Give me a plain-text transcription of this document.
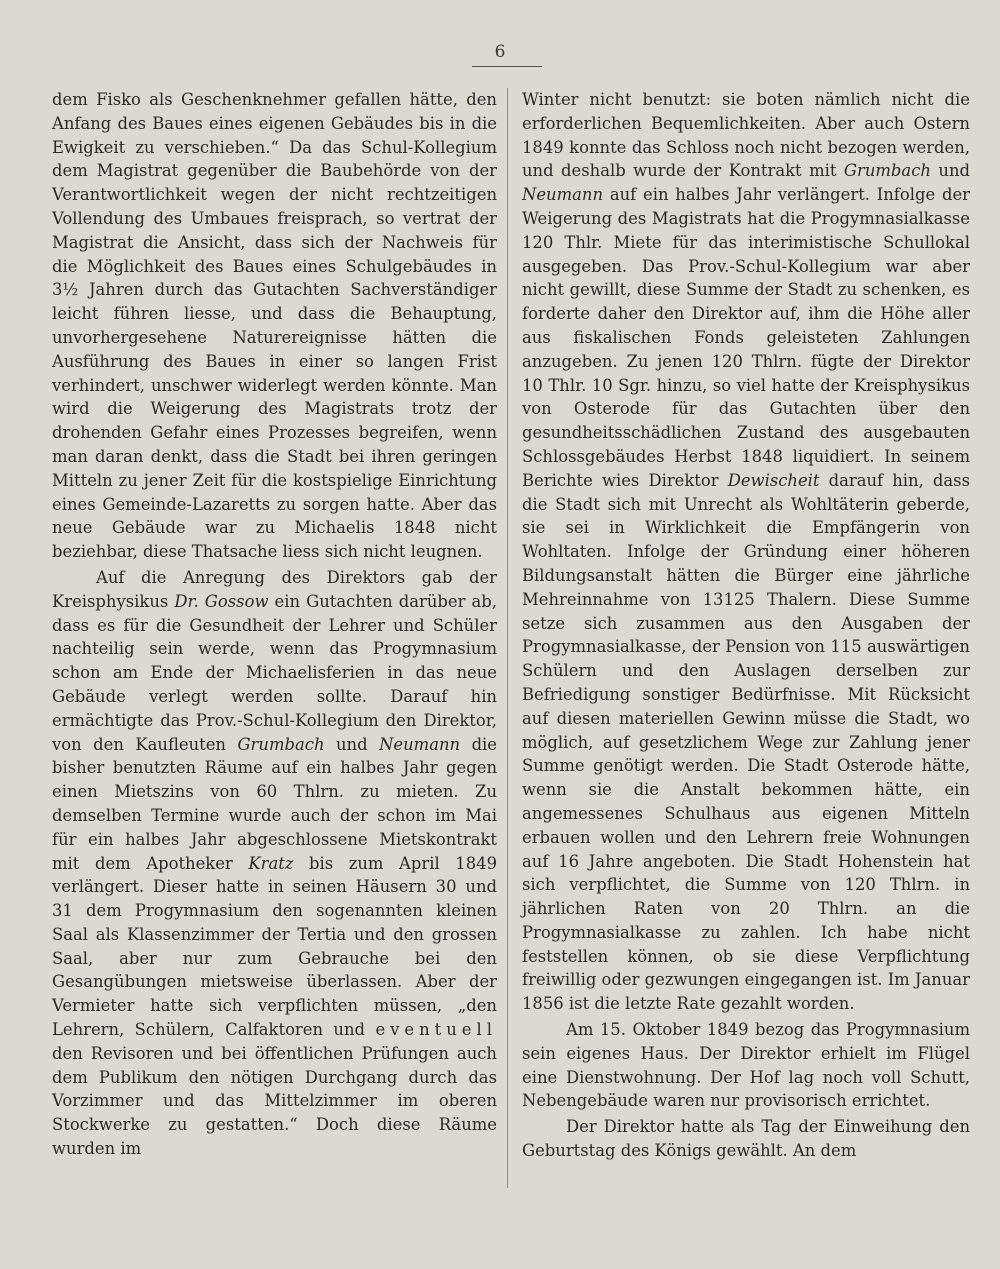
6

dem Fisko als Geschenknehmer gefallen hätte, den Anfang des Baues eines eigenen Gebäudes bis in die Ewigkeit zu verschieben.“ Da das Schul-Kollegium dem Magistrat gegenüber die Baubehörde von der Verantwortlichkeit wegen der nicht rechtzeitigen Vollendung des Umbaues freisprach, so vertrat der Magistrat die Ansicht, dass sich der Nachweis für die Möglichkeit des Baues eines Schulgebäudes in 3½ Jahren durch das Gutachten Sachverständiger leicht führen liesse, und dass die Behauptung, unvorhergesehene Naturereignisse hätten die Ausführung des Baues in einer so langen Frist verhindert, unschwer widerlegt werden könnte. Man wird die Weigerung des Magistrats trotz der drohenden Gefahr eines Prozesses begreifen, wenn man daran denkt, dass die Stadt bei ihren geringen Mitteln zu jener Zeit für die kostspielige Einrichtung eines Gemeinde-Lazaretts zu sorgen hatte. Aber das neue Gebäude war zu Michaelis 1848 nicht beziehbar, diese Thatsache liess sich nicht leugnen.

Auf die Anregung des Direktors gab der Kreisphysikus Dr. Gossow ein Gutachten darüber ab, dass es für die Gesundheit der Lehrer und Schüler nachteilig sein werde, wenn das Progymnasium schon am Ende der Michaelisferien in das neue Gebäude verlegt werden sollte. Darauf hin ermächtigte das Prov.-Schul-Kollegium den Direktor, von den Kaufleuten Grumbach und Neumann die bisher benutzten Räume auf ein halbes Jahr gegen einen Mietszins von 60 Thlrn. zu mieten. Zu demselben Termine wurde auch der schon im Mai für ein halbes Jahr abgeschlossene Mietskontrakt mit dem Apotheker Kratz bis zum April 1849 verlängert. Dieser hatte in seinen Häusern 30 und 31 dem Progymnasium den sogenannten kleinen Saal als Klassenzimmer der Tertia und den grossen Saal, aber nur zum Gebrauche bei den Gesangübungen mietsweise überlassen. Aber der Vermieter hatte sich verpflichten müssen, „den Lehrern, Schülern, Calfaktoren und eventuell den Revisoren und bei öffentlichen Prüfungen auch dem Publikum den nötigen Durchgang durch das Vorzimmer und das Mittelzimmer im oberen Stockwerke zu gestatten.“ Doch diese Räume wurden im

Winter nicht benutzt: sie boten nämlich nicht die erforderlichen Bequemlichkeiten. Aber auch Ostern 1849 konnte das Schloss noch nicht bezogen werden, und deshalb wurde der Kontrakt mit Grumbach und Neumann auf ein halbes Jahr verlängert. Infolge der Weigerung des Magistrats hat die Progymnasialkasse 120 Thlr. Miete für das interimistische Schullokal ausgegeben. Das Prov.-Schul-Kollegium war aber nicht gewillt, diese Summe der Stadt zu schenken, es forderte daher den Direktor auf, ihm die Höhe aller aus fiskalischen Fonds geleisteten Zahlungen anzugeben. Zu jenen 120 Thlrn. fügte der Direktor 10 Thlr. 10 Sgr. hinzu, so viel hatte der Kreisphysikus von Osterode für das Gutachten über den gesundheitsschädlichen Zustand des ausgebauten Schlossgebäudes Herbst 1848 liquidiert. In seinem Berichte wies Direktor Dewischeit darauf hin, dass die Stadt sich mit Unrecht als Wohltäterin geberde, sie sei in Wirklichkeit die Empfängerin von Wohltaten. Infolge der Gründung einer höheren Bildungsanstalt hätten die Bürger eine jährliche Mehreinnahme von 13125 Thalern. Diese Summe setze sich zusammen aus den Ausgaben der Progymnasialkasse, der Pension von 115 auswärtigen Schülern und den Auslagen derselben zur Befriedigung sonstiger Bedürfnisse. Mit Rücksicht auf diesen materiellen Gewinn müsse die Stadt, wo möglich, auf gesetzlichem Wege zur Zahlung jener Summe genötigt werden. Die Stadt Osterode hätte, wenn sie die Anstalt bekommen hätte, ein angemessenes Schulhaus aus eigenen Mitteln erbauen wollen und den Lehrern freie Wohnungen auf 16 Jahre angeboten. Die Stadt Hohenstein hat sich verpflichtet, die Summe von 120 Thlrn. in jährlichen Raten von 20 Thlrn. an die Progymnasialkasse zu zahlen. Ich habe nicht feststellen können, ob sie diese Verpflichtung freiwillig oder gezwungen eingegangen ist. Im Januar 1856 ist die letzte Rate gezahlt worden.

Am 15. Oktober 1849 bezog das Progymnasium sein eigenes Haus. Der Direktor erhielt im Flügel eine Dienstwohnung. Der Hof lag noch voll Schutt, Nebengebäude waren nur provisorisch errichtet.

Der Direktor hatte als Tag der Einweihung den Geburtstag des Königs gewählt. An dem
